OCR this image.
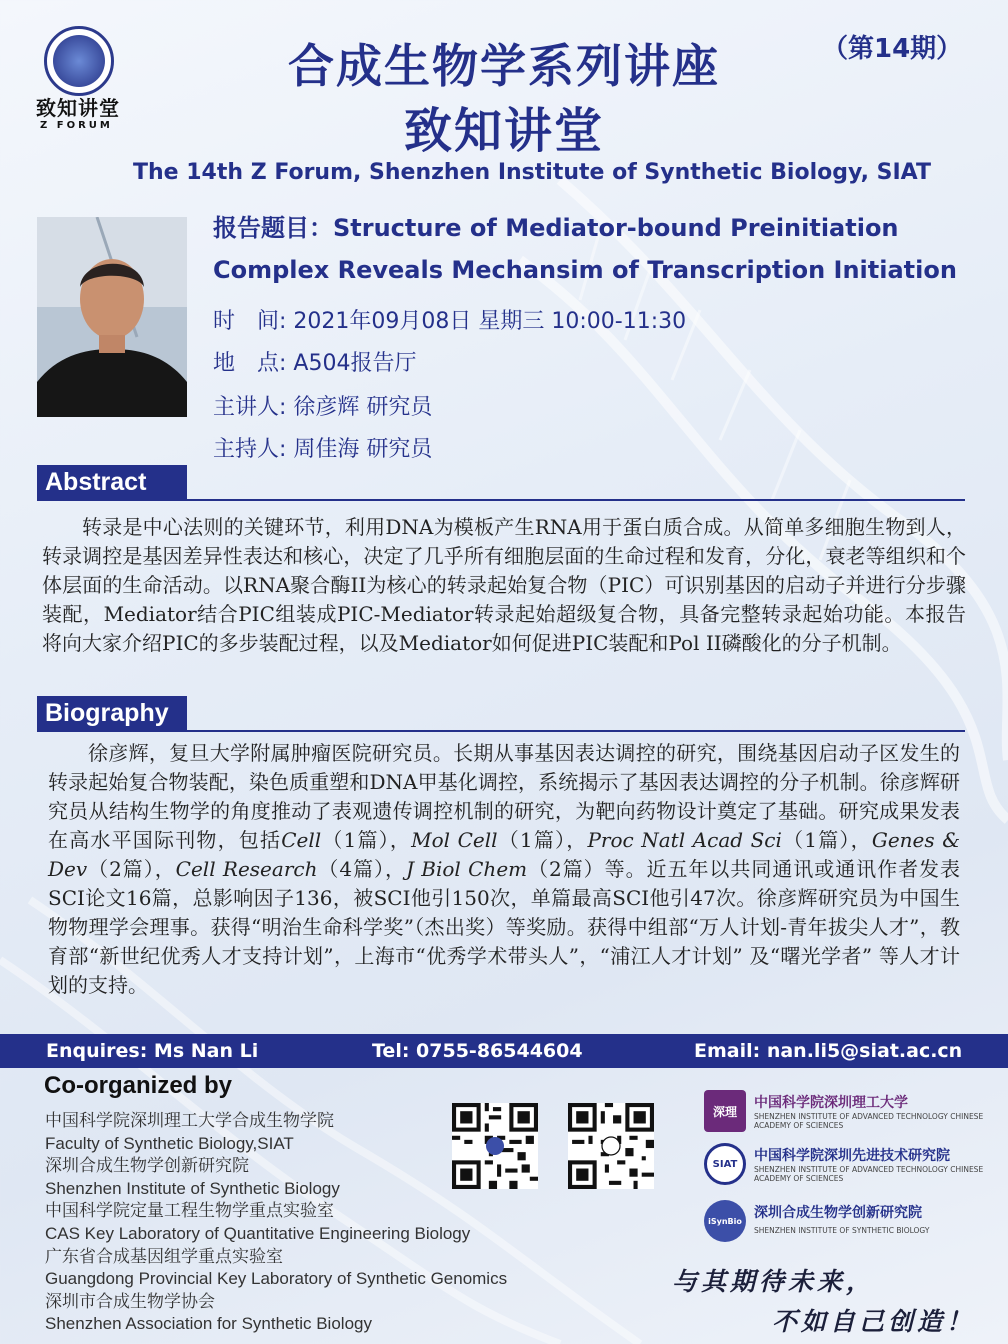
致知讲堂
Z FORUM
合成生物学系列讲座
致知讲堂
（第14期）
The 14th Z Forum, Shenzhen Institute of Synthetic Biology, SIAT
报告题目：Structure of Mediator-bound Preinitiation
Complex Reveals Mechansim of Transcription Initiation
时　间: 2021年09月08日 星期三 10:00-11:30
地　点: A504报告厅
主讲人: 徐彦辉 研究员
主持人: 周佳海 研究员
Abstract
转录是中心法则的关键环节，利用DNA为模板产生RNA用于蛋白质合成。从简单多细胞生物到人，转录调控是基因差异性表达和核心，决定了几乎所有细胞层面的生命过程和发育，分化，衰老等组织和个体层面的生命活动。以RNA聚合酶II为核心的转录起始复合物（PIC）可识别基因的启动子并进行分步骤装配，Mediator结合PIC组装成PIC-Mediator转录起始超级复合物，具备完整转录起始功能。本报告将向大家介绍PIC的多步装配过程，以及Mediator如何促进PIC装配和Pol II磷酸化的分子机制。
Biography
徐彦辉，复旦大学附属肿瘤医院研究员。长期从事基因表达调控的研究，围绕基因启动子区发生的转录起始复合物装配，染色质重塑和DNA甲基化调控，系统揭示了基因表达调控的分子机制。徐彦辉研究员从结构生物学的角度推动了表观遗传调控机制的研究，为靶向药物设计奠定了基础。研究成果发表在高水平国际刊物，包括Cell（1篇），Mol Cell（1篇），Proc Natl Acad Sci（1篇），Genes & Dev（2篇），Cell Research（4篇），J Biol Chem（2篇）等。近五年以共同通讯或通讯作者发表SCI论文16篇，总影响因子136，被SCI他引150次，单篇最高SCI他引47次。徐彦辉研究员为中国生物物理学会理事。获得“明治生命科学奖”（杰出奖）等奖励。获得中组部“万人计划-青年拔尖人才”，教育部“新世纪优秀人才支持计划”，上海市“优秀学术带头人”，“浦江人才计划” 及“曙光学者” 等人才计划的支持。
Enquires: Ms Nan Li	Tel: 0755-86544604	Email: nan.li5@siat.ac.cn
Co-organized by
中国科学院深圳理工大学合成生物学院
Faculty of Synthetic Biology,SIAT
深圳合成生物学创新研究院
Shenzhen Institute of Synthetic Biology
中国科学院定量工程生物学重点实验室
CAS Key Laboratory of Quantitative Engineering Biology
广东省合成基因组学重点实验室
Guangdong Provincial Key Laboratory of Synthetic Genomics
深圳市合成生物学协会
Shenzhen Association for Synthetic Biology
深理
中国科学院深圳理工大学
SHENZHEN INSTITUTE OF ADVANCED TECHNOLOGY CHINESE ACADEMY OF SCIENCES
SIAT 中国科学院深圳先进技术研究院
SHENZHEN INSTITUTE OF ADVANCED TECHNOLOGY CHINESE ACADEMY OF SCIENCES
iSynBio 深圳合成生物学创新研究院
SHENZHEN INSTITUTE OF SYNTHETIC BIOLOGY
与其期待未来，
不如自己创造！
